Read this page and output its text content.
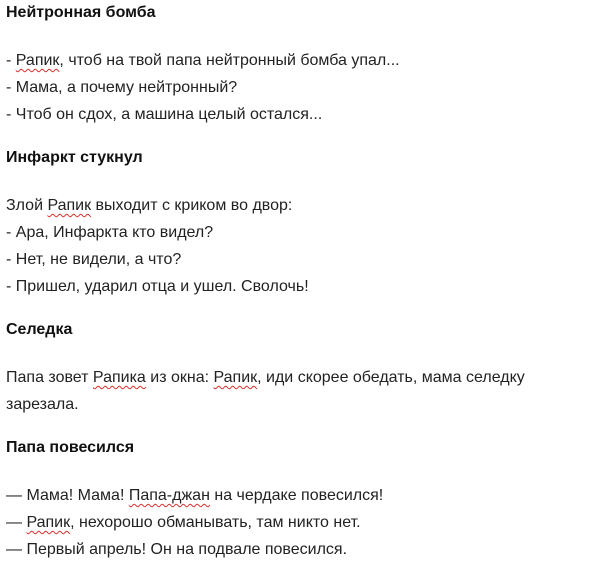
Нейтронная бомба

- Рапик, чтоб на твой папа нейтронный бомба упал...

- Мама, а почему нейтронный?

- Чтоб он сдох, а машина целый остался...

Инфаркт стукнул

Злой Рапик выходит с криком во двор:

- Ара, Инфаркта кто видел?

- Нет, не видели, а что?

- Пришел, ударил отца и ушел. Сволочь!

Селедка

Папа зовет Рапика из окна: Рапик, иди скорее обедать, мама селедку зарезала.

Папа повесился

— Мама! Мама! Папа-джан на чердаке повесился!

— Рапик, нехорошо обманывать, там никто нет.

— Первый апрель! Он на подвале повесился.
